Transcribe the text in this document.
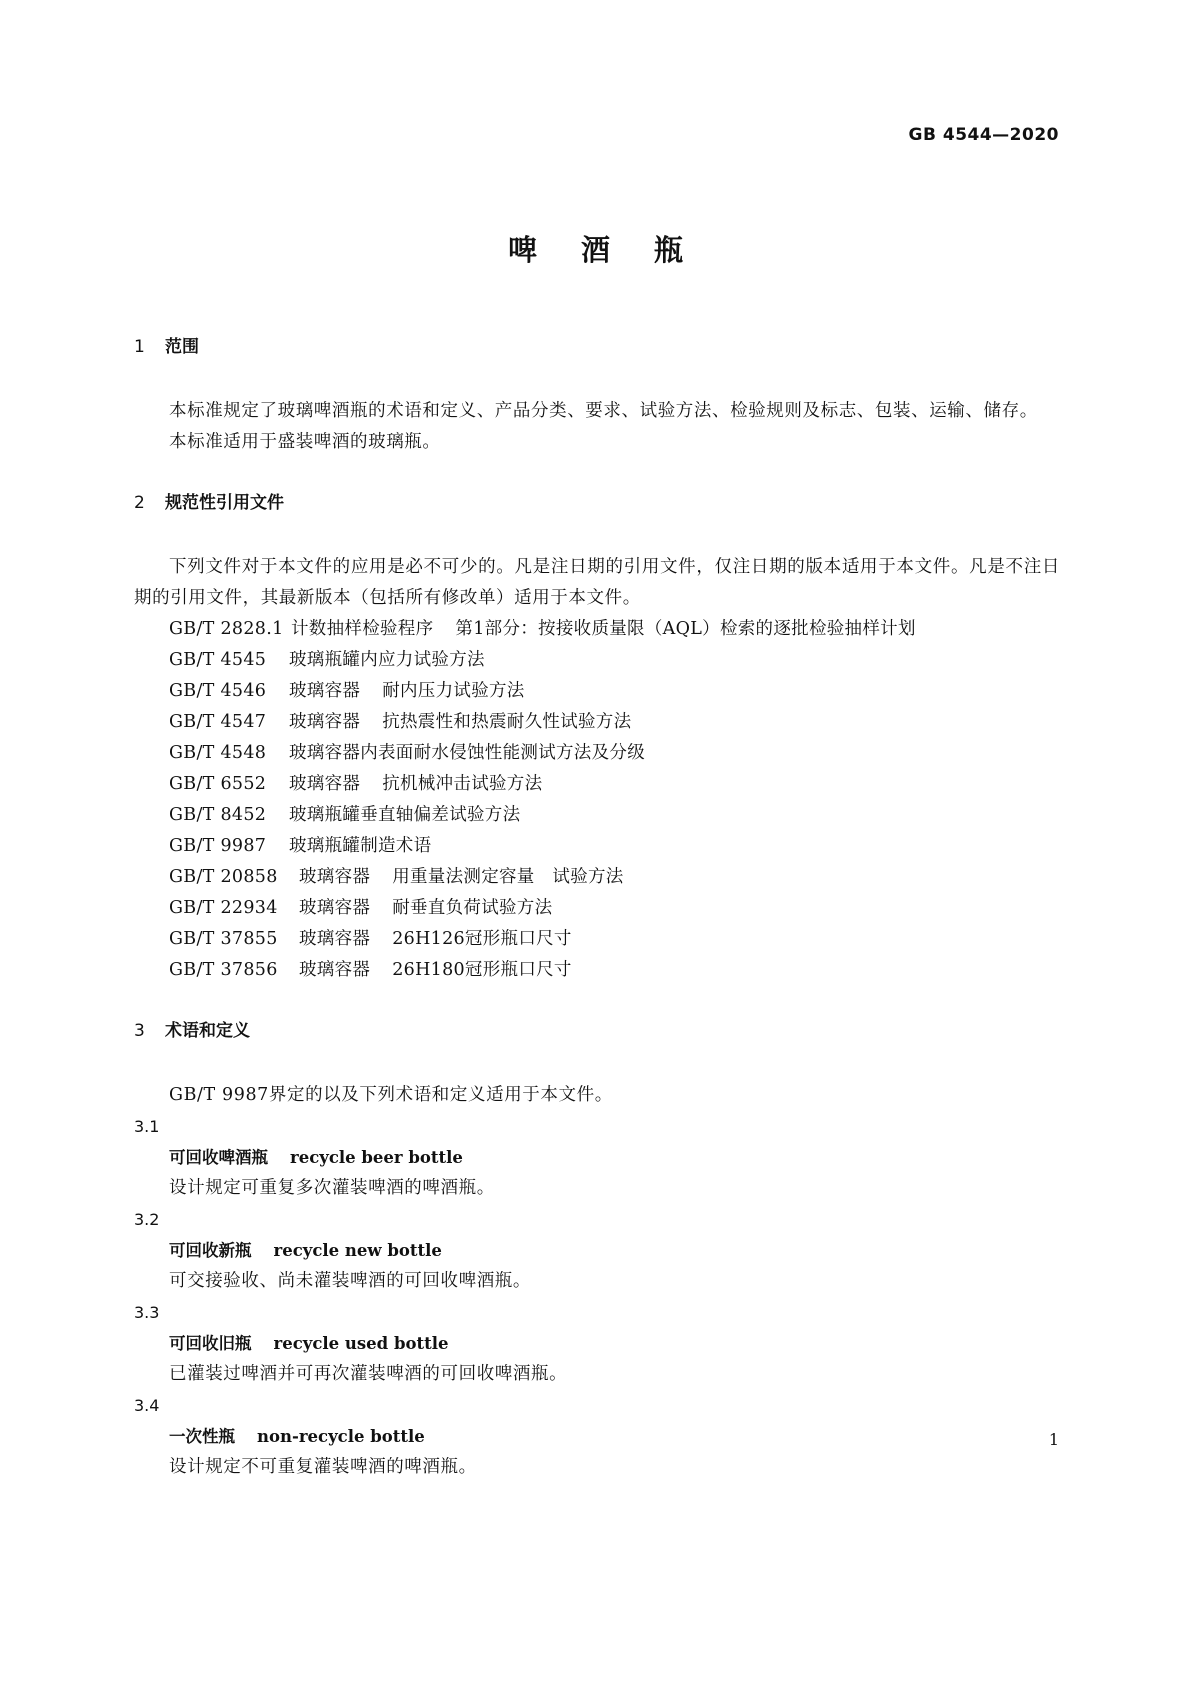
GB 4544—2020
啤 酒 瓶
1 范围

本标准规定了玻璃啤酒瓶的术语和定义、产品分类、要求、试验方法、检验规则及标志、包装、运输、储存。

本标准适用于盛装啤酒的玻璃瓶。

2 规范性引用文件

下列文件对于本文件的应用是必不可少的。凡是注日期的引用文件，仅注日期的版本适用于本文件。凡是不注日期的引用文件，其最新版本（包括所有修改单）适用于本文件。

GB/T 2828.1 计数抽样检验程序 第1部分：按接收质量限（AQL）检索的逐批检验抽样计划
GB/T 4545 玻璃瓶罐内应力试验方法
GB/T 4546 玻璃容器 耐内压力试验方法
GB/T 4547 玻璃容器 抗热震性和热震耐久性试验方法
GB/T 4548 玻璃容器内表面耐水侵蚀性能测试方法及分级
GB/T 6552 玻璃容器 抗机械冲击试验方法
GB/T 8452 玻璃瓶罐垂直轴偏差试验方法
GB/T 9987 玻璃瓶罐制造术语
GB/T 20858 玻璃容器 用重量法测定容量　试验方法
GB/T 22934 玻璃容器 耐垂直负荷试验方法
GB/T 37855 玻璃容器 26H126冠形瓶口尺寸
GB/T 37856 玻璃容器 26H180冠形瓶口尺寸
3 术语和定义

GB/T 9987界定的以及下列术语和定义适用于本文件。

3.1
可回收啤酒瓶 recycle beer bottle
设计规定可重复多次灌装啤酒的啤酒瓶。
3.2
可回收新瓶 recycle new bottle
可交接验收、尚未灌装啤酒的可回收啤酒瓶。
3.3
可回收旧瓶 recycle used bottle
已灌装过啤酒并可再次灌装啤酒的可回收啤酒瓶。
3.4
一次性瓶 non-recycle bottle
设计规定不可重复灌装啤酒的啤酒瓶。
1
